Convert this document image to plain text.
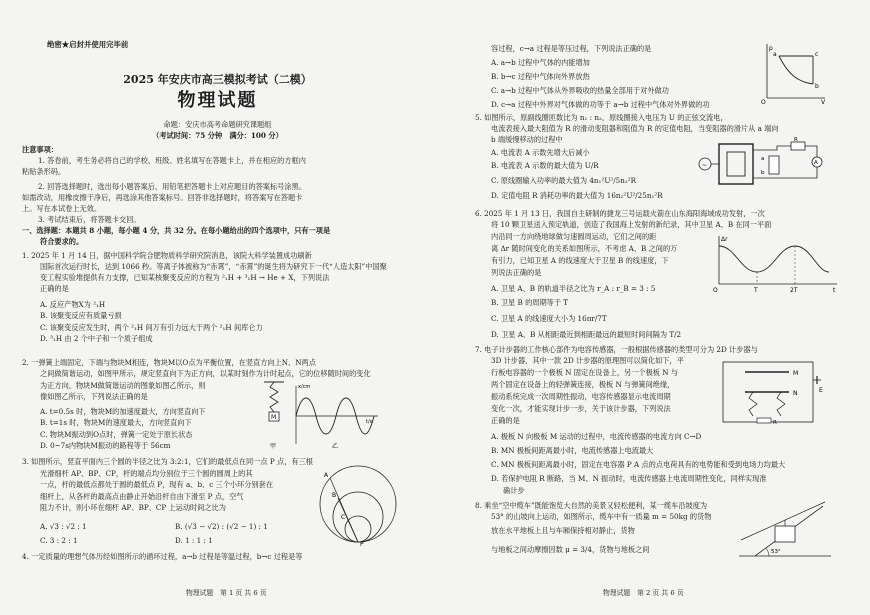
绝密★启封并使用完毕前
2025 年安庆市高三模拟考试（二模）
物理试题
命题：安庆市高考命题研究课题组
（考试时间：75 分钟　满分：100 分）
注意事项：
1. 答卷前，考生务必将自己的学校、班级、姓名填写在答题卡上，并在相应的方框内
粘贴条形码。
2. 回答选择题时，选出每小题答案后，用铅笔把答题卡上对应题目的答案标号涂黑。
如需改动，用橡皮擦干净后，再选涂其他答案标号。回答非选择题时，将答案写在答题卡
上。写在本试卷上无效。
3. 考试结束后，将答题卡交回。
一、选择题：本题共 8 小题，每小题 4 分，共 32 分。在每小题给出的四个选项中，只有一项是
符合要求的。
1. 2025 年 1 月 14 日，据中国科学院合肥物质科学研究院消息，该院大科学装置成功刷新
国际首次运行时长，达到 1066 秒。等离子体被称为“赤霄”，“赤霄”的诞生将为研究下一代“人造太阳”中国聚
变工程实验堆提供有力支撑，已知某核聚变反应的方程为 ²₁H + ³₁H → He + X，下列说法
正确的是
A. 反应产物X为 ²₁H
B. 该聚变反应有质量亏损
C. 该聚变反应发生时，两个 ²₁H 间万有引力远大于两个 ²₁H 间库仑力
D. ³₁H 由 2 个中子和一个质子组成
2. 一弹簧上端固定，下端与物块M相连，物块M以O点为平衡位置，在竖直方向上N、N两点
之间做简谐运动，如图甲所示，规定竖直向下为正方向，以某时刻作为计时起点，它的位移随时间的变化
为正方向，物块M做简谐运动的图象如图乙所示，则
像如图乙所示，下列说法正确的是
A. t=0.5s 时，物块M的加速度最大，方向竖直向下
B. t=1s 时，物块M的速度最大，方向竖直向下
C. 物块M振动到O点时，弹簧一定处于原长状态
D. 0~7s内物块M振动的路程等于 56cm
M
甲
x/cm
t/s
乙
3. 如图所示，竖直平面内三个圆的半径之比为 3:2:1，它们的最低点在同一点 P 点，有三根
光滑细杆 AP、BP、CP，杆的端点均分别位于三个圆的圆周上的其
一点，杆的最低点都处于圆的最低点 P，现有 a、b、c 三个小环分别套在
细杆上，从各杆的最高点由静止开始沿杆自由下滑至 P 点，空气
阻力不计，则小环在细杆 AP、BP、CP 上运动时间之比为
A. √3 : √2 : 1	B. (√3 − √2) : (√2 − 1) : 1
C. 3 : 2 : 1	D. 1 : 1 : 1
A
B
C
P
4. 一定质量的理想气体历经如图所示的循环过程，a→b 过程是等温过程，b→c 过程是等
物理试题　第 1 页 共 6 页
容过程，c→a 过程是等压过程，下列说法正确的是
A. a→b 过程中气体的内能增加
B. b→c 过程中气体向外界放热
C. a→b 过程中气体从外界吸收的热量全部用于对外做功
D. c→a 过程中外界对气体做的功等于 a→b 过程中气体对外界做的功
p
V
O
a
b
c
5. 如图所示，原副线圈匝数比为 n₁ : n₂，原线圈接入电压为 U 的正弦交流电，
电流表接入最大阻值为 R 的滑动变阻器和阻值为 R 的定值电阻，当变阻器的滑片从 a 端向
b 端缓慢移动的过程中
A. 电流表 A 示数先增大后减小
B. 电流表 A 示数的最大值为 U/R
C. 原线圈输入功率的最大值为 4n₁²U²/5n₂²R
D. 定值电阻 R 消耗功率的最大值为 16n₂²U²/25n₁²R
~
a
b
R
A
6. 2025 年 1 月 13 日，我国自主研制的捷龙三号运载火箭在山东海阳海域成功发射，一次
将 10 颗卫星送入预定轨道，创造了我国海上发射的新纪录，其中卫星 A、B 在同一平面
内沿同一方向绕地球做匀速圆周运动，它们之间的距
离 Δr 随时间变化的关系如图所示，不考虑 A、B 之间的万
有引力，已知卫星 A 的线速度大于卫星 B 的线速度，下
列说法正确的是
A. 卫星 A、B 的轨道半径之比为 r_A : r_B = 3 : 5
B. 卫星 B 的周期等于 T
C. 卫星 A 的线速度大小为 16πr/7T
D. 卫星 A、B 从相距最近到相距最远的最短时间间隔为 T/2
Δr
t
O	T	2T
7. 电子计步器的工作核心部件为电容传感器，一般根据传感器的类型可分为 2D 计步器与
3D 计步器，其中一款 2D 计步器的原理图可以简化如下，平
行板电容器的一个极板 N 固定在设备上，另一个极板 N 与
两个固定在设备上的轻弹簧连接，极板 N 与弹簧间绝缘，
振动系统完成一次周期性振动，电容传感器显示电流周期
变化一次，才能实现计步一步，关于该计步器，下列说法
正确的是
A. 极板 N 向极板 M 运动的过程中，电流传感器的电流方向 C→D
B. MN 极板间距离最小时，电流传感器上电流最大
C. MN 极板间距离最小时，固定在电容器 P A 点的点电荷具有的电势能和受到电场力均最大
D. 若保护电阻 R 断路，当 M、N 振动时，电流传感器上电流周期性变化，同样实现准
确计步
M
N	E
R
8. 乘坐“空中缆车”既能饱览大自然的美景又轻松便利，某一缆车沿坡度为
53° 的山坡向上运动，如图所示，缆车中有一质量 m = 50kg 的货物
放在水平地板上且与车厢保持相对静止，货物
与地板之间动摩擦因数 μ = 3/4，货物与地板之间	53°
物理试题　第 2 页 共 6 页
